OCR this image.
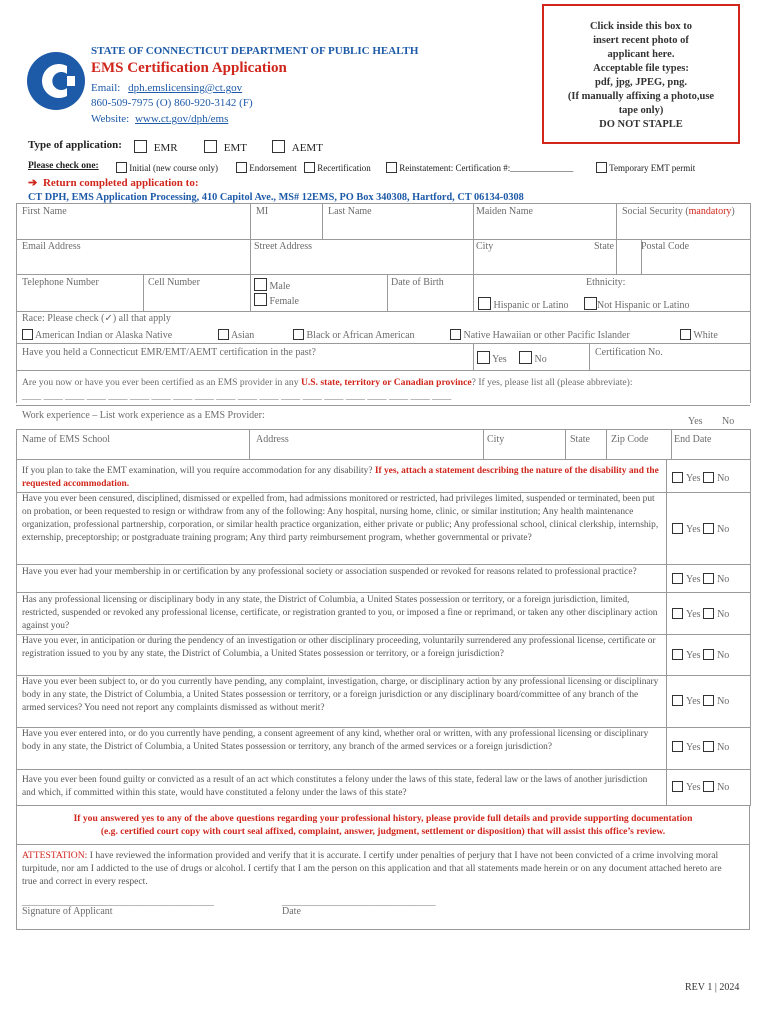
Click inside this box to
insert recent photo of
applicant here.
Acceptable file types:
pdf, jpg, JPEG, png.
(If manually affixing a photo,use
tape only)
DO NOT STAPLE
STATE OF CONNECTICUT DEPARTMENT OF PUBLIC HEALTH
EMS Certification Application
Email: dph.emslicensing@ct.gov
860-509-7975 (O) 860-920-3142 (F)
Website: www.ct.gov/dph/ems
Type of application:	EMR	EMT	AEMT
Please check one:	Initial (new course only)	Endorsement	Recertification	Reinstatement: Certification #:______________	Temporary EMT permit
➔ Return completed application to:
CT DPH, EMS Application Processing, 410 Capitol Ave., MS# 12EMS, PO Box 340308, Hartford, CT 06134-0308
First Name	MI	Last Name	Maiden Name	Social Security (mandatory)
Email Address	Street Address	City	State	Postal Code
Telephone Number	Cell Number	Male
Female
Date of Birth	Ethnicity:
Hispanic or Latino	Not Hispanic or Latino
Race: Please check (✓) all that apply
American Indian or Alaska Native	Asian	Black or African American	Native Hawaiian or other Pacific Islander	White
Have you held a Connecticut EMR/EMT/AEMT certification in the past?
Yes	No
Certification No.
Are you now or have you ever been certified as an EMS provider in any U.S. state, territory or Canadian province? If yes, please list all (please abbreviate):
____ ____ ____ ____ ____ ____ ____ ____ ____ ____ ____ ____ ____ ____ ____ ____ ____ ____ ____ ____
Work experience – List work experience as a EMS Provider:
Yes No
Name of EMS School	Address	City	State Zip Code	End Date
If you plan to take the EMT examination, will you require accommodation for any disability? If yes, attach a statement describing the nature of the disability and the requested accommodation.	Yes No
Have you ever been censured, disciplined, dismissed or expelled from, had admissions monitored or restricted, had privileges limited, suspended or terminated, been put on probation, or been requested to resign or withdraw from any of the following: Any hospital, nursing home, clinic, or similar institution; Any health maintenance organization, professional partnership, corporation, or similar health practice organization, either private or public; Any professional school, clinical clerkship, internship, externship, preceptorship; or postgraduate training program; Any third party reimbursement program, whether governmental or private?
Yes No
Have you ever had your membership in or certification by any professional society or association suspended or revoked for reasons related to professional practice?
Yes No
Has any professional licensing or disciplinary body in any state, the District of Columbia, a United States possession or territory, or a foreign jurisdiction, limited, restricted, suspended or revoked any professional license, certificate, or registration granted to you, or imposed a fine or reprimand, or taken any other disciplinary action against you?
Yes No
Have you ever, in anticipation or during the pendency of an investigation or other disciplinary proceeding, voluntarily surrendered any professional license, certificate or registration issued to you by any state, the District of Columbia, a United States possession or territory, or a foreign jurisdiction?	Yes No
Have you ever been subject to, or do you currently have pending, any complaint, investigation, charge, or disciplinary action by any professional licensing or disciplinary body in any state, the District of Columbia, a United States possession or territory, or a foreign jurisdiction or any disciplinary board/committee of any branch of the armed services? You need not report any complaints dismissed as without merit?
Yes No
Have you ever entered into, or do you currently have pending, a consent agreement of any kind, whether oral or written, with any professional licensing or disciplinary body in any state, the District of Columbia, a United States possession or territory, any branch of the armed services or a foreign jurisdiction?	Yes No
Have you ever been found guilty or convicted as a result of an act which constitutes a felony under the laws of this state, federal law or the laws of another jurisdiction and which, if committed within this state, would have constituted a felony under the laws of this state?	Yes No
If you answered yes to any of the above questions regarding your professional history, please provide full details and provide supporting documentation
(e.g. certified court copy with court seal affixed, complaint, answer, judgment, settlement or disposition) that will assist this office’s review.
ATTESTATION: I have reviewed the information provided and verify that it is accurate. I certify under penalties of perjury that I have not been convicted of a crime involving moral turpitude, nor am I addicted to the use of drugs or alcohol. I certify that I am the person on this application and that all statements made herein or on any document attached hereto are true and correct in every respect.
________________________________________	________________________________
Signature of Applicant	Date
REV 1 | 2024
